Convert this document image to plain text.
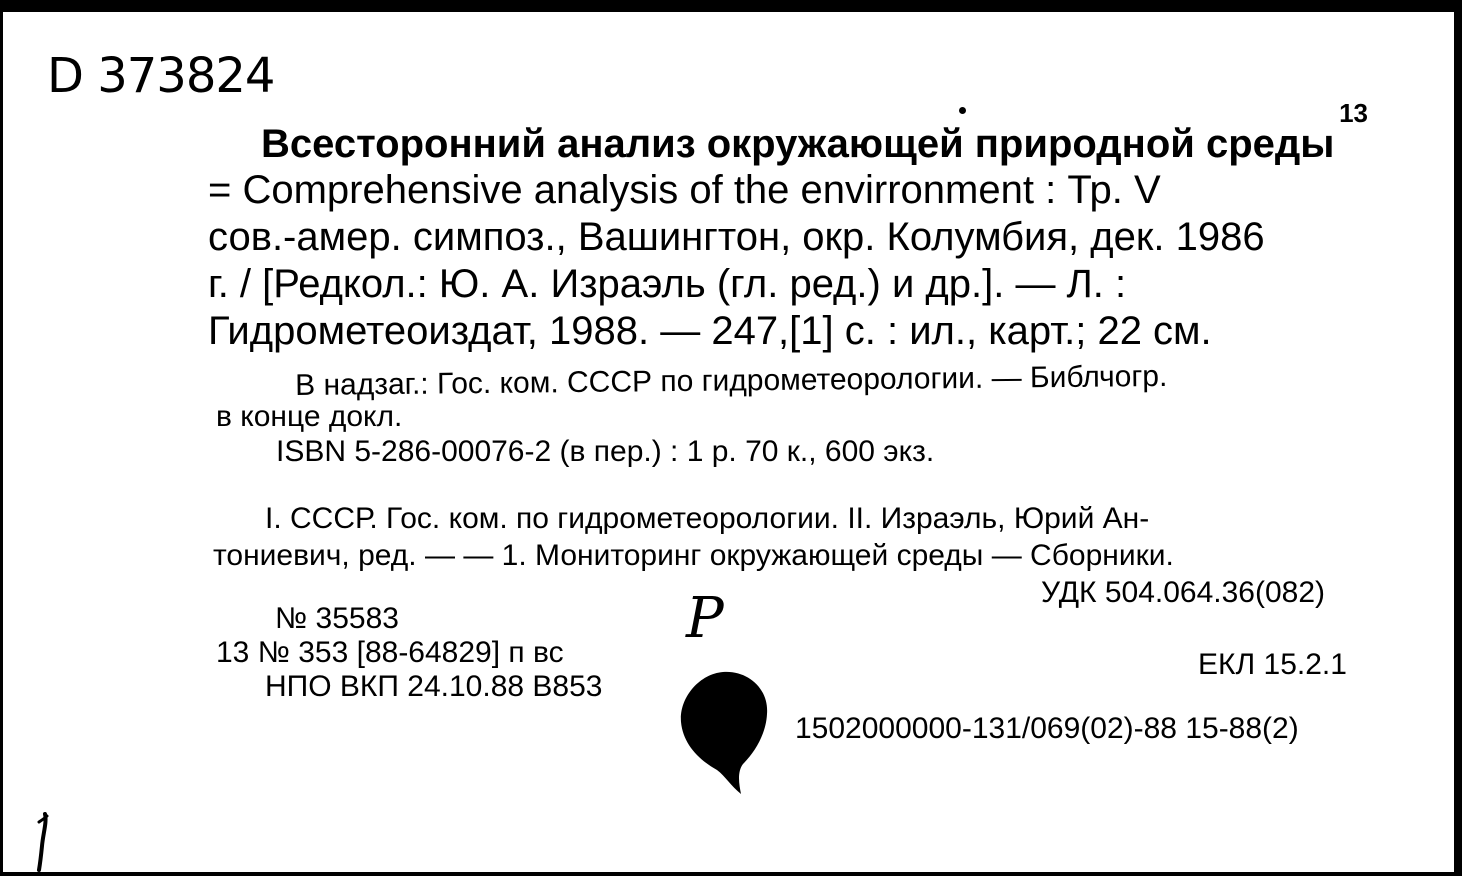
D 373824
13
Всесторонний анализ окружающей природной среды
= Comprehensive analysis of the envirronment : Тр. V
сов.-амер. симпоз., Вашингтон, окр. Колумбия, дек. 1986
г. / [Редкол.: Ю. А. Израэль (гл. ред.) и др.]. — Л. :
Гидрометеоиздат, 1988. — 247,[1] с. : ил., карт.; 22 см.
В надзаг.: Гос. ком. СССР по гидрометеорологии. — Библчогр.
в конце докл.
ISBN 5-286-00076-2 (в пер.) : 1 р. 70 к., 600 экз.
I. СССР. Гос. ком. по гидрометеорологии. II. Израэль, Юрий Ан-
тониевич, ред. — — 1. Мониторинг окружающей среды — Сборники.
УДК 504.064.36(082)
№ 35583
13 № 353 [88-64829] п вс
НПО ВКП 24.10.88 В853
ЕКЛ 15.2.1
1502000000-131/069(02)-88 15-88(2)
P
